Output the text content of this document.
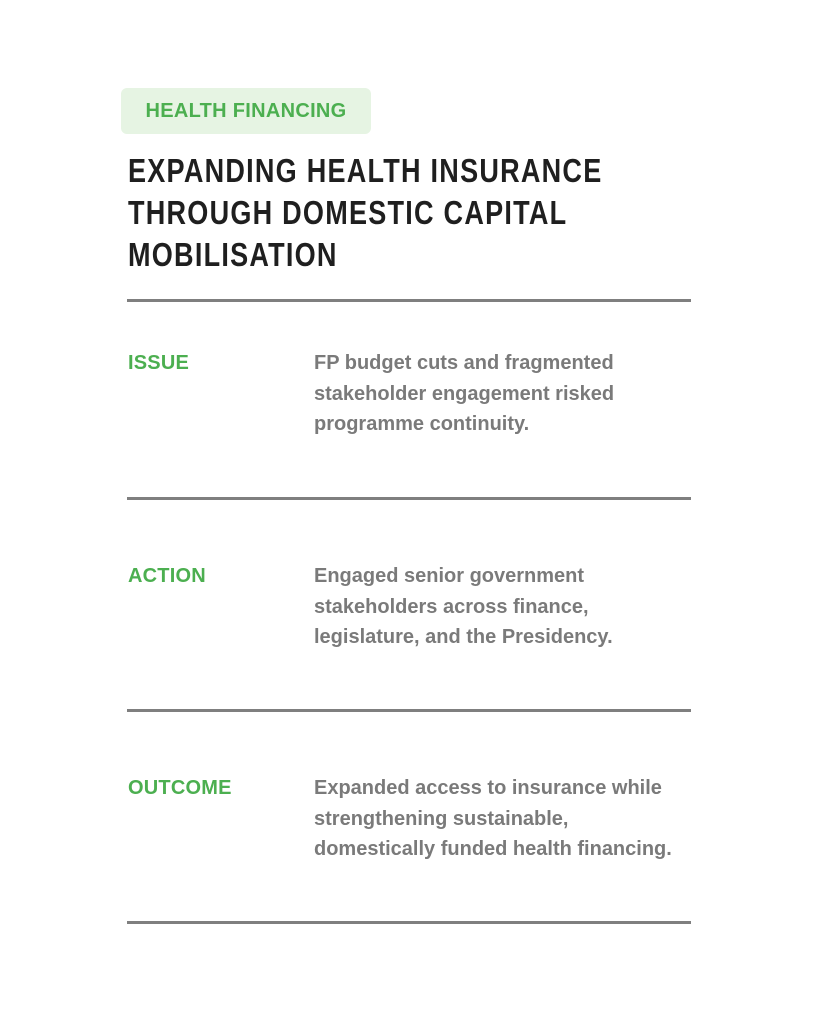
HEALTH FINANCING
EXPANDING HEALTH INSURANCE THROUGH DOMESTIC CAPITAL MOBILISATION
ISSUE	FP budget cuts and fragmented stakeholder engagement risked programme continuity.

ACTION	Engaged senior government stakeholders across finance, legislature, and the Presidency.

OUTCOME	Expanded access to insurance while strengthening sustainable, domestically funded health financing.
